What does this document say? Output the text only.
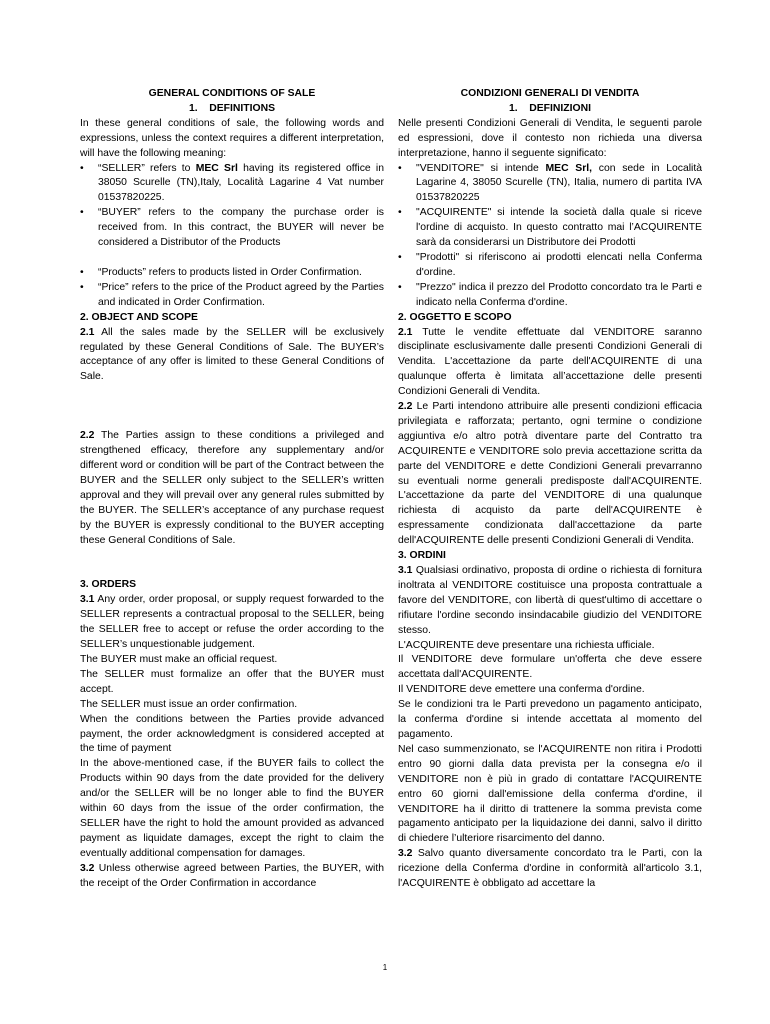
GENERAL CONDITIONS OF SALE

1.    DEFINITIONS

In these general conditions of sale, the following words and expressions, unless the context requires a different interpretation, will have the following meaning:

•	“SELLER” refers to MEC Srl having its registered office in 38050 Scurelle (TN),Italy, Località Lagarine 4 Vat number 01537820225.
•	“BUYER” refers to the company the purchase order is received from. In this contract, the BUYER will never be considered a Distributor of the Products
•	“Products” refers to products listed in Order Confirmation.
•	“Price” refers to the price of the Product agreed by the Parties and indicated in Order Confirmation.

2. OBJECT AND SCOPE

2.1 All the sales made by the SELLER will be exclusively regulated by these General Conditions of Sale. The BUYER’s acceptance of any offer is limited to these General Conditions of Sale.

2.2 The Parties assign to these conditions a privileged and strengthened efficacy, therefore any supplementary and/or different word or condition will be part of the Contract between the BUYER and the SELLER only subject to the SELLER’s written approval and they will prevail over any general rules submitted by the BUYER. The SELLER’s acceptance of any purchase request by the BUYER is expressly conditional to the BUYER accepting these General Conditions of Sale.

3. ORDERS

3.1 Any order, order proposal, or supply request forwarded to the SELLER represents a contractual proposal to the SELLER, being the SELLER free to accept or refuse the order according to the SELLER’s unquestionable judgement.

The BUYER must make an official request.

The SELLER must formalize an offer that the BUYER must accept.

The SELLER must issue an order confirmation.

When the conditions between the Parties provide advanced payment, the order acknowledgment is considered accepted at the time of payment

In the above-mentioned case, if the BUYER fails to collect the Products within 90 days from the date provided for the delivery and/or the SELLER will be no longer able to find the BUYER within 60 days from the issue of the order confirmation, the SELLER have the right to hold the amount provided as advanced payment as liquidate damages, except the right to claim the eventually additional compensation for damages.

3.2 Unless otherwise agreed between Parties, the BUYER, with the receipt of the Order Confirmation in accordance

CONDIZIONI GENERALI DI VENDITA

1.    DEFINIZIONI

Nelle presenti Condizioni Generali di Vendita, le seguenti parole ed espressioni, dove il contesto non richieda una diversa interpretazione, hanno il seguente significato:

•	"VENDITORE" si intende MEC Srl, con sede in Località Lagarine 4, 38050 Scurelle (TN), Italia, numero di partita IVA 01537820225
•	"ACQUIRENTE" si intende la società dalla quale si riceve l'ordine di acquisto. In questo contratto mai l’ACQUIRENTE sarà da considerarsi un Distributore dei Prodotti
•	"Prodotti" si riferiscono ai prodotti elencati nella Conferma d'ordine.
•	"Prezzo" indica il prezzo del Prodotto concordato tra le Parti e indicato nella Conferma d'ordine.

2. OGGETTO E SCOPO

2.1 Tutte le vendite effettuate dal VENDITORE saranno disciplinate esclusivamente dalle presenti Condizioni Generali di Vendita. L'accettazione da parte dell'ACQUIRENTE di una qualunque offerta è limitata all’accettazione delle presenti Condizioni Generali di Vendita.

2.2 Le Parti intendono attribuire alle presenti condizioni efficacia privilegiata e rafforzata; pertanto, ogni termine o condizione aggiuntiva e/o altro potrà diventare parte del Contratto tra ACQUIRENTE e VENDITORE solo previa accettazione scritta da parte del VENDITORE e dette Condizioni Generali prevarranno su eventuali norme generali predisposte dall'ACQUIRENTE. L'accettazione da parte del VENDITORE di una qualunque richiesta di acquisto da parte dell'ACQUIRENTE è espressamente condizionata dall'accettazione da parte dell'ACQUIRENTE delle presenti Condizioni Generali di Vendita.

3. ORDINI

3.1 Qualsiasi ordinativo, proposta di ordine o richiesta di fornitura inoltrata al VENDITORE costituisce una proposta contrattuale a favore del VENDITORE, con libertà di quest'ultimo di accettare o rifiutare l'ordine secondo insindacabile giudizio del VENDITORE stesso.

L'ACQUIRENTE deve presentare una richiesta ufficiale.

Il VENDITORE deve formulare un'offerta che deve essere accettata dall'ACQUIRENTE.

Il VENDITORE deve emettere una conferma d'ordine.

Se le condizioni tra le Parti prevedono un pagamento anticipato, la conferma d'ordine si intende accettata al momento del pagamento.

Nel caso summenzionato, se l'ACQUIRENTE non ritira i Prodotti entro 90 giorni dalla data prevista per la consegna e/o il VENDITORE non è più in grado di contattare l'ACQUIRENTE entro 60 giorni dall'emissione della conferma d'ordine, il VENDITORE ha il diritto di trattenere la somma prevista come pagamento anticipato per la liquidazione dei danni, salvo il diritto di chiedere l’ulteriore risarcimento del danno.

3.2 Salvo quanto diversamente concordato tra le Parti, con la ricezione della Conferma d'ordine in conformità all'articolo 3.1, l'ACQUIRENTE è obbligato ad accettare la

1
